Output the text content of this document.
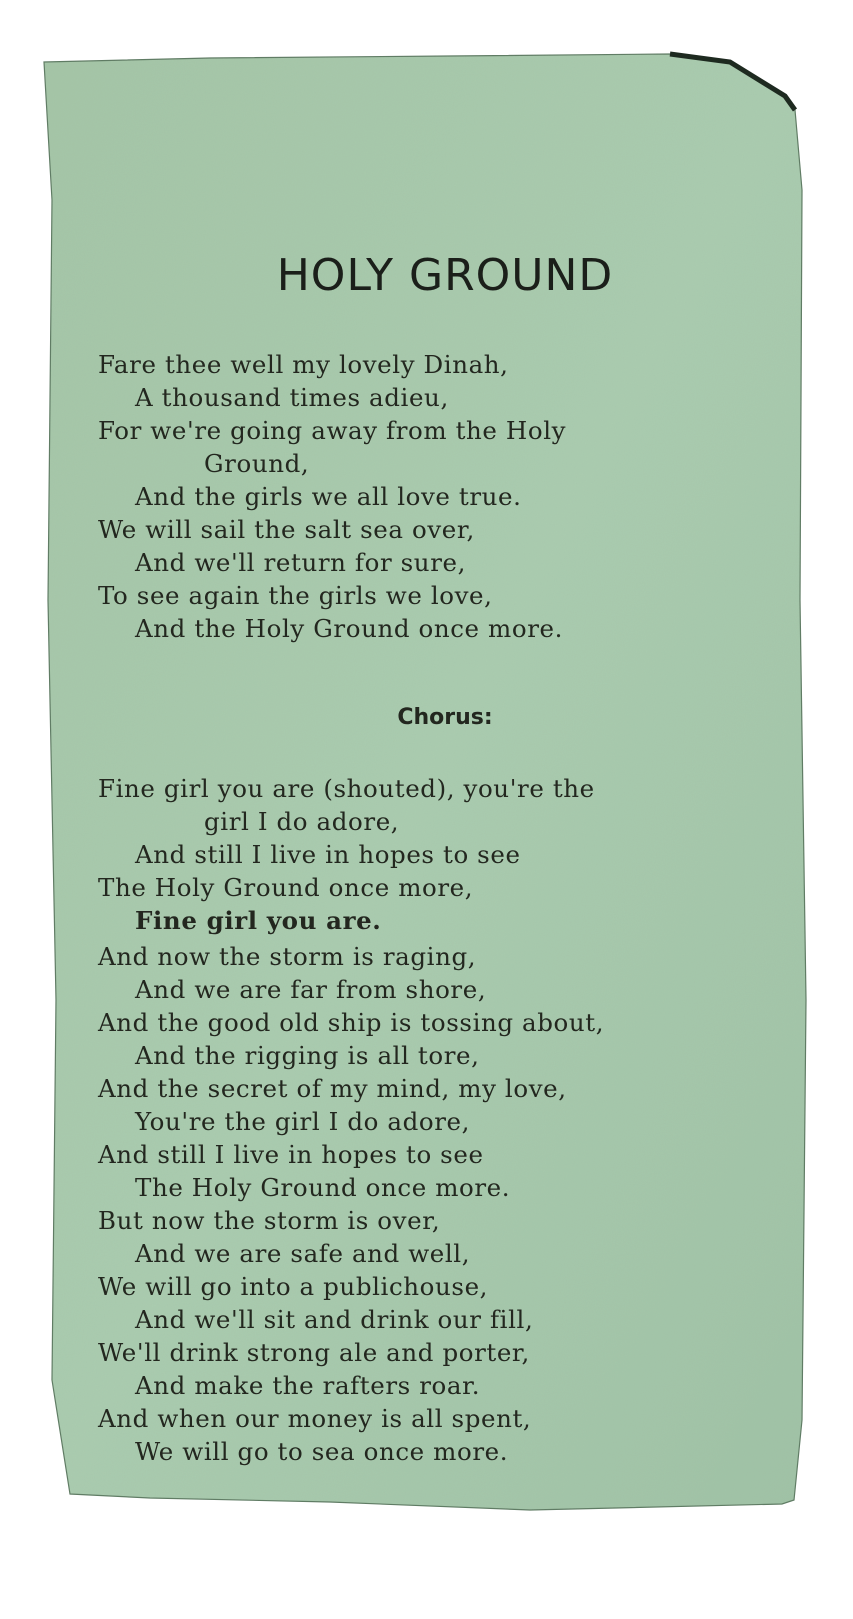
HOLY GROUND
Fare thee well my lovely Dinah,
A thousand times adieu,
For we're going away from the Holy
Ground,
And the girls we all love true.
We will sail the salt sea over,
And we'll return for sure,
To see again the girls we love,
And the Holy Ground once more.
Chorus:
Fine girl you are (shouted), you're the
girl I do adore,
And still I live in hopes to see
The Holy Ground once more,
Fine girl you are.
And now the storm is raging,
And we are far from shore,
And the good old ship is tossing about,
And the rigging is all tore,
And the secret of my mind, my love,
You're the girl I do adore,
And still I live in hopes to see
The Holy Ground once more.
But now the storm is over,
And we are safe and well,
We will go into a publichouse,
And we'll sit and drink our fill,
We'll drink strong ale and porter,
And make the rafters roar.
And when our money is all spent,
We will go to sea once more.
